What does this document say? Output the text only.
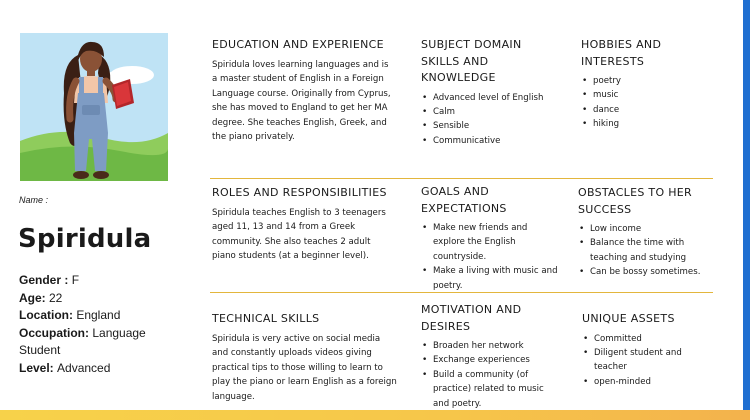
Name :
Spiridula
Gender : F
Age: 22
Location: England
Occupation: Language
Student
Level: Advanced
EDUCATION AND EXPERIENCE

Spiridula loves learning languages and is a master student of English in a Foreign Language course. Originally from Cyprus, she has moved to England to get her MA degree. She teaches English, Greek, and the piano privately.

SUBJECT DOMAIN SKILLS AND KNOWLEDGE
• Advanced level of English
• Calm
• Sensible
• Communicative
HOBBIES AND INTERESTS
• poetry
• music
• dance
• hiking
ROLES AND RESPONSIBILITIES

Spiridula teaches English to 3 teenagers aged 11, 13 and 14 from a Greek community. She also teaches 2 adult piano students (at a beginner level).

GOALS AND EXPECTATIONS
• Make new friends and explore the English countryside.
• Make a living with music and poetry.
OBSTACLES TO HER SUCCESS
• Low income
• Balance the time with teaching and studying
• Can be bossy sometimes.
TECHNICAL SKILLS

Spiridula is very active on social media and constantly uploads videos giving practical tips to those willing to learn to play the piano or learn English as a foreign language.

MOTIVATION AND DESIRES
• Broaden her network
• Exchange experiences
• Build a community (of practice) related to music and poetry.
UNIQUE ASSETS
• Committed
• Diligent student and teacher
• open-minded
